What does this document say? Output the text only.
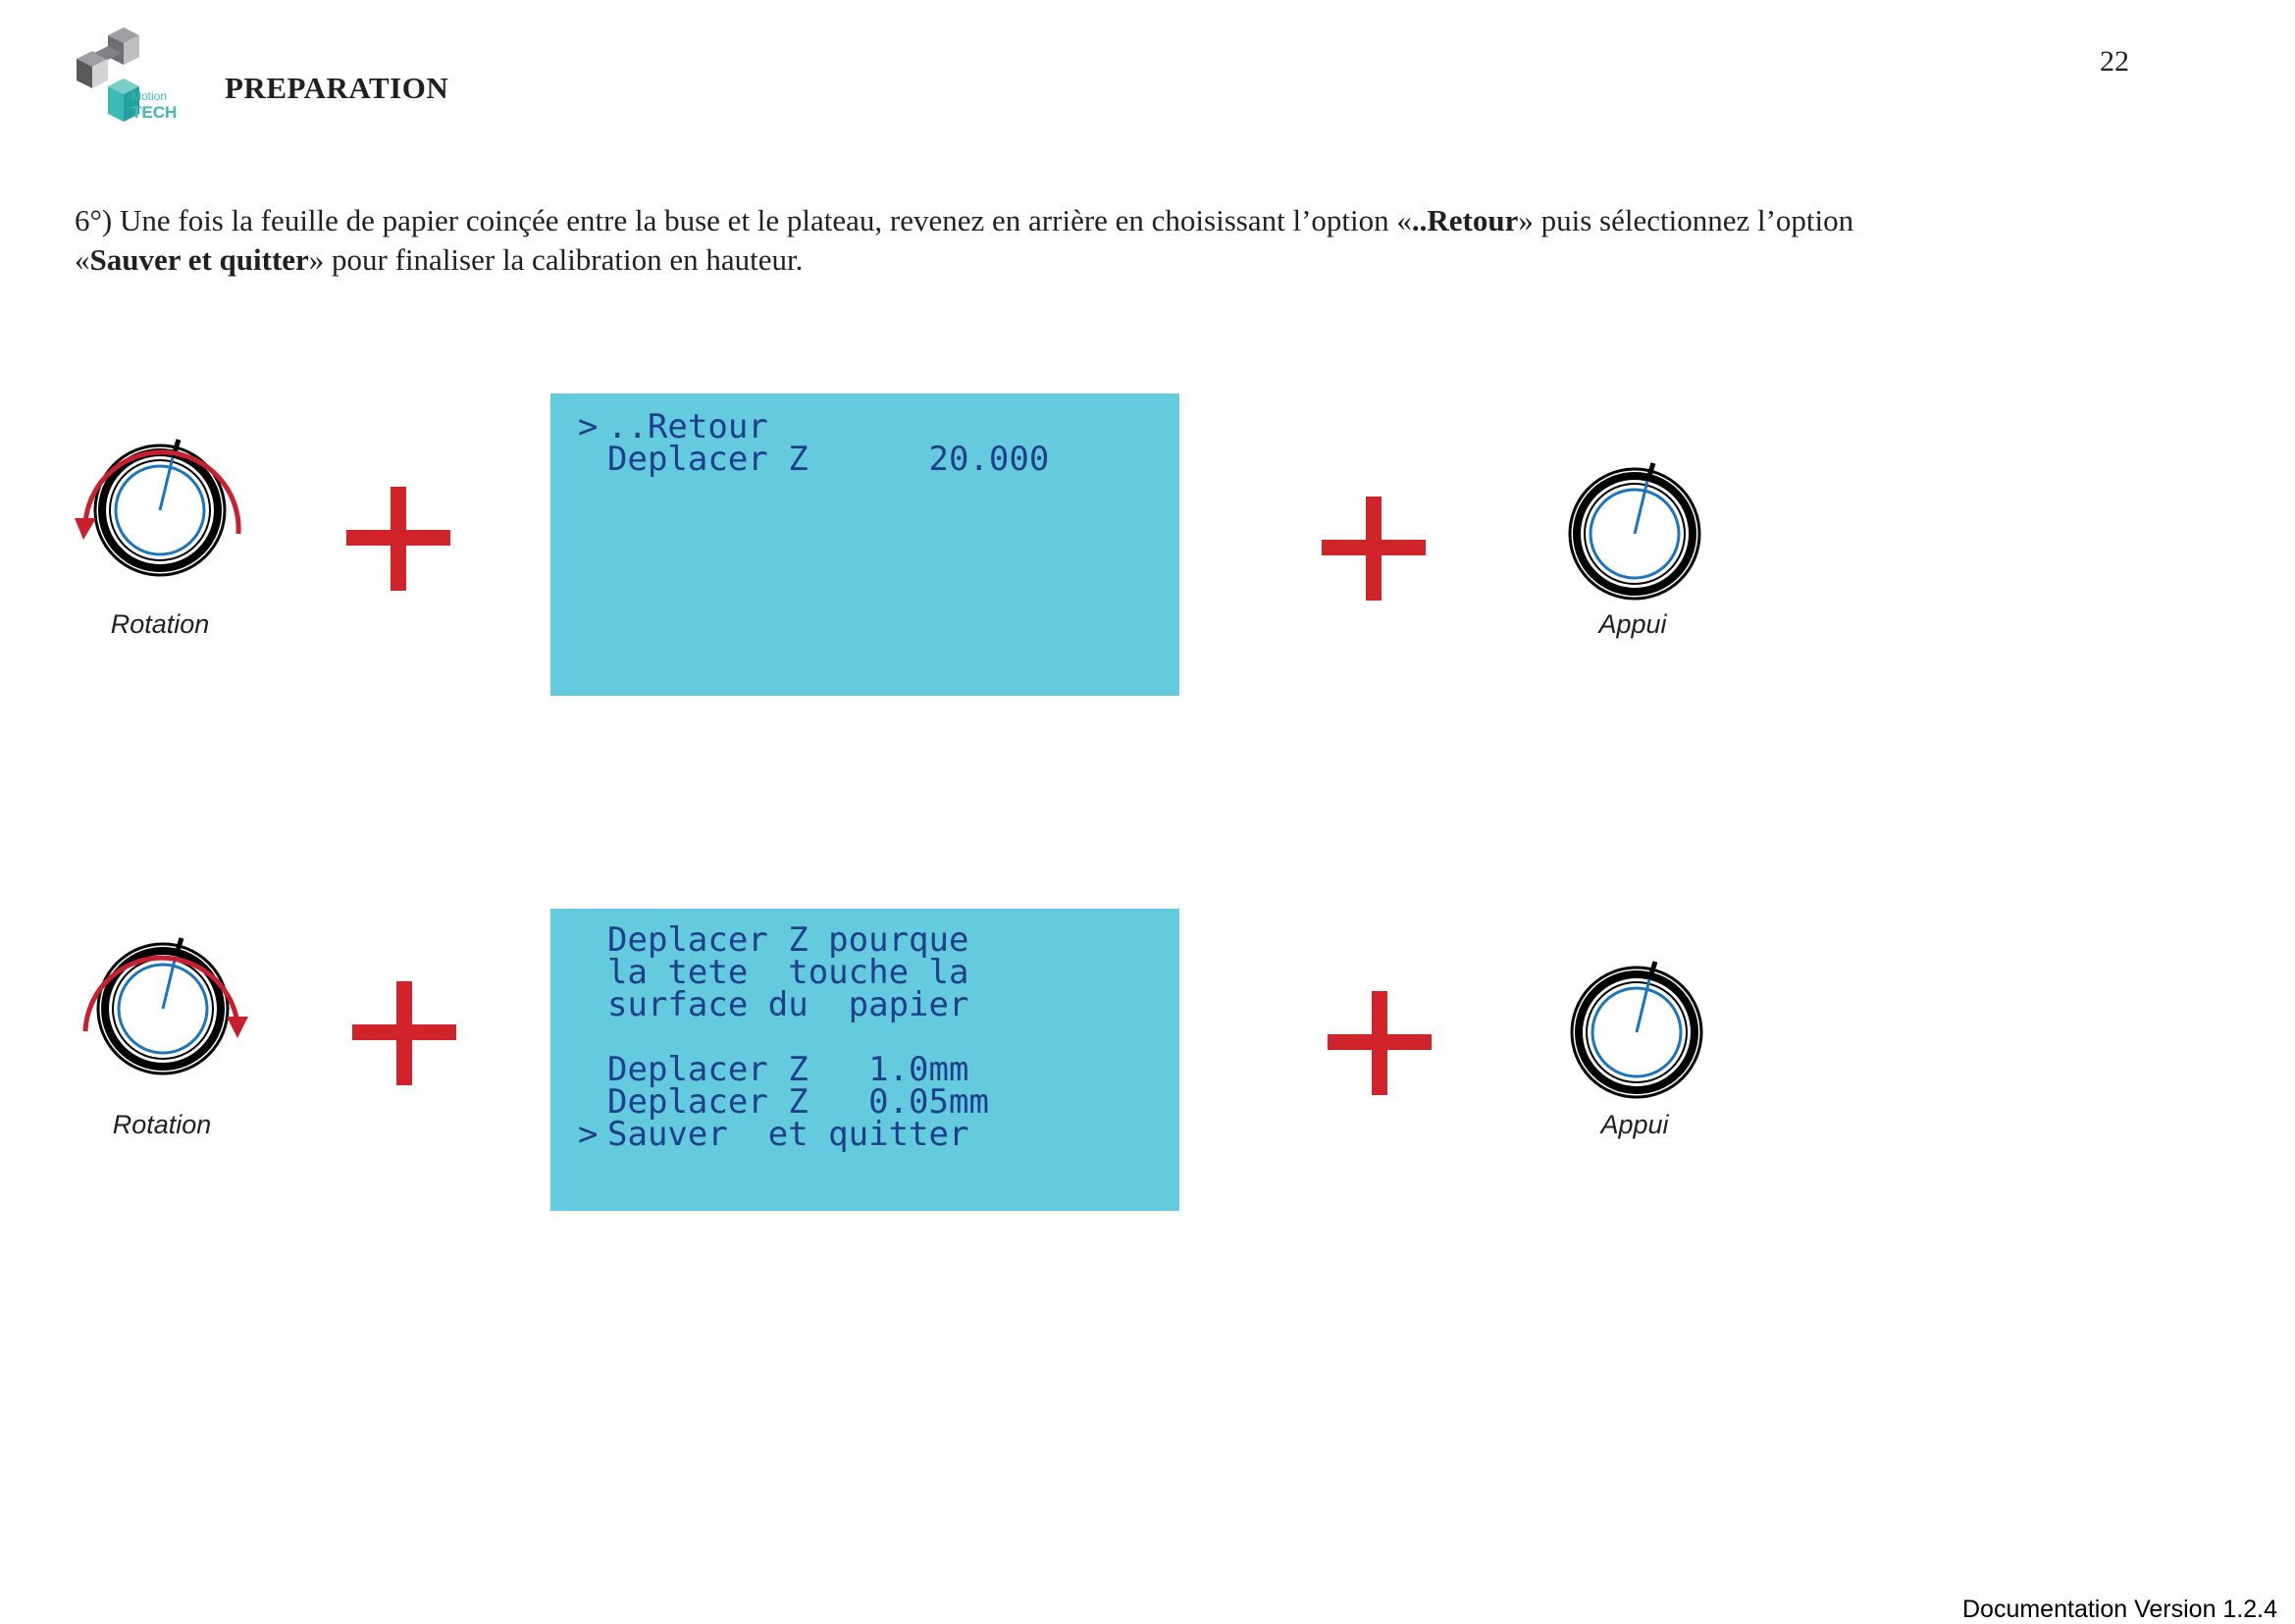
Motion
TECH
PREPARATION
22
6°) Une fois la feuille de papier coinçée entre la buse et le plateau, revenez en arrière en choisissant l’option «..Retour» puis sélectionnez l’option
«Sauver et quitter» pour finaliser la calibration en hauteur.
Rotation
> ..Retour
Deplacer Z      20.000
Appui
Rotation
Deplacer Z pourque
la tete  touche la
surface du  papier
Deplacer Z   1.0mm
Deplacer Z   0.05mm
> Sauver  et quitter	Appui
Documentation Version 1.2.4
